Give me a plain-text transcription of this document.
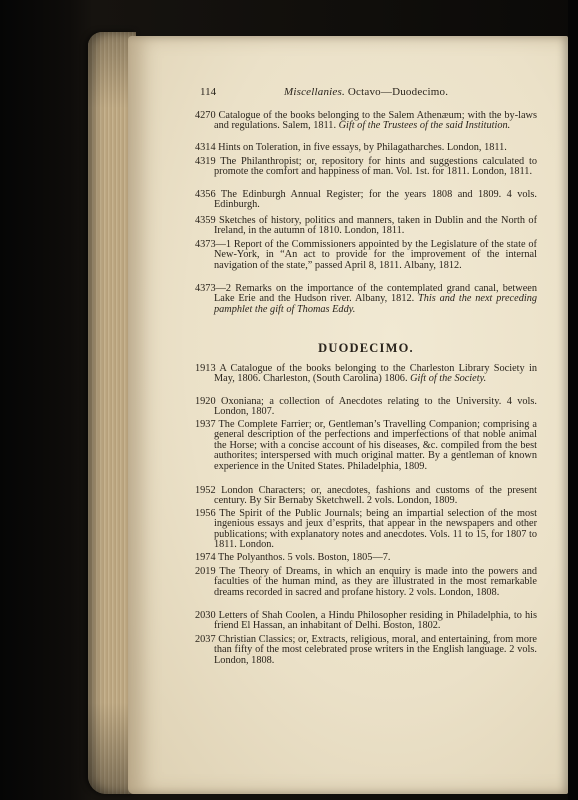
114	Miscellanies. Octavo—Duodecimo.
4270 Catalogue of the books belonging to the Salem Athenæum; with the by-laws and regulations. Salem, 1811. Gift of the Trustees of the said Institution.
4314 Hints on Toleration, in five essays, by Philagatharches. London, 1811.
4319 The Philanthropist; or, repository for hints and suggestions calculated to promote the comfort and happiness of man. Vol. 1st. for 1811. London, 1811.
4356 The Edinburgh Annual Register; for the years 1808 and 1809. 4 vols. Edinburgh.
4359 Sketches of history, politics and manners, taken in Dublin and the North of Ireland, in the autumn of 1810. London, 1811.
4373—1 Report of the Commissioners appointed by the Legislature of the state of New-York, in “An act to provide for the improvement of the internal navigation of the state,” passed April 8, 1811. Albany, 1812.
4373—2 Remarks on the importance of the contemplated grand canal, between Lake Erie and the Hudson river. Albany, 1812. This and the next preceding pamphlet the gift of Thomas Eddy.
DUODECIMO.
1913 A Catalogue of the books belonging to the Charleston Library Society in May, 1806. Charleston, (South Carolina) 1806. Gift of the Society.
1920 Oxoniana; a collection of Anecdotes relating to the University. 4 vols. London, 1807.
1937 The Complete Farrier; or, Gentleman’s Travelling Companion; comprising a general description of the perfections and imperfections of that noble animal the Horse; with a concise account of his diseases, &c. compiled from the best authorites; interspersed with much original matter. By a gentleman of known experience in the United States. Philadelphia, 1809.
1952 London Characters; or, anecdotes, fashions and customs of the present century. By Sir Bernaby Sketchwell. 2 vols. London, 1809.
1956 The Spirit of the Public Journals; being an impartial selection of the most ingenious essays and jeux d’esprits, that appear in the newspapers and other publications; with explanatory notes and anecdotes. Vols. 11 to 15, for 1807 to 1811. London.
1974 The Polyanthos. 5 vols. Boston, 1805—7.
2019 The Theory of Dreams, in which an enquiry is made into the powers and faculties of the human mind, as they are illustrated in the most remarkable dreams recorded in sacred and profane history. 2 vols. London, 1808.
2030 Letters of Shah Coolen, a Hindu Philosopher residing in Philadelphia, to his friend El Hassan, an inhabitant of Delhi. Boston, 1802.
2037 Christian Classics; or, Extracts, religious, moral, and entertaining, from more than fifty of the most celebrated prose writers in the English language. 2 vols. London, 1808.
